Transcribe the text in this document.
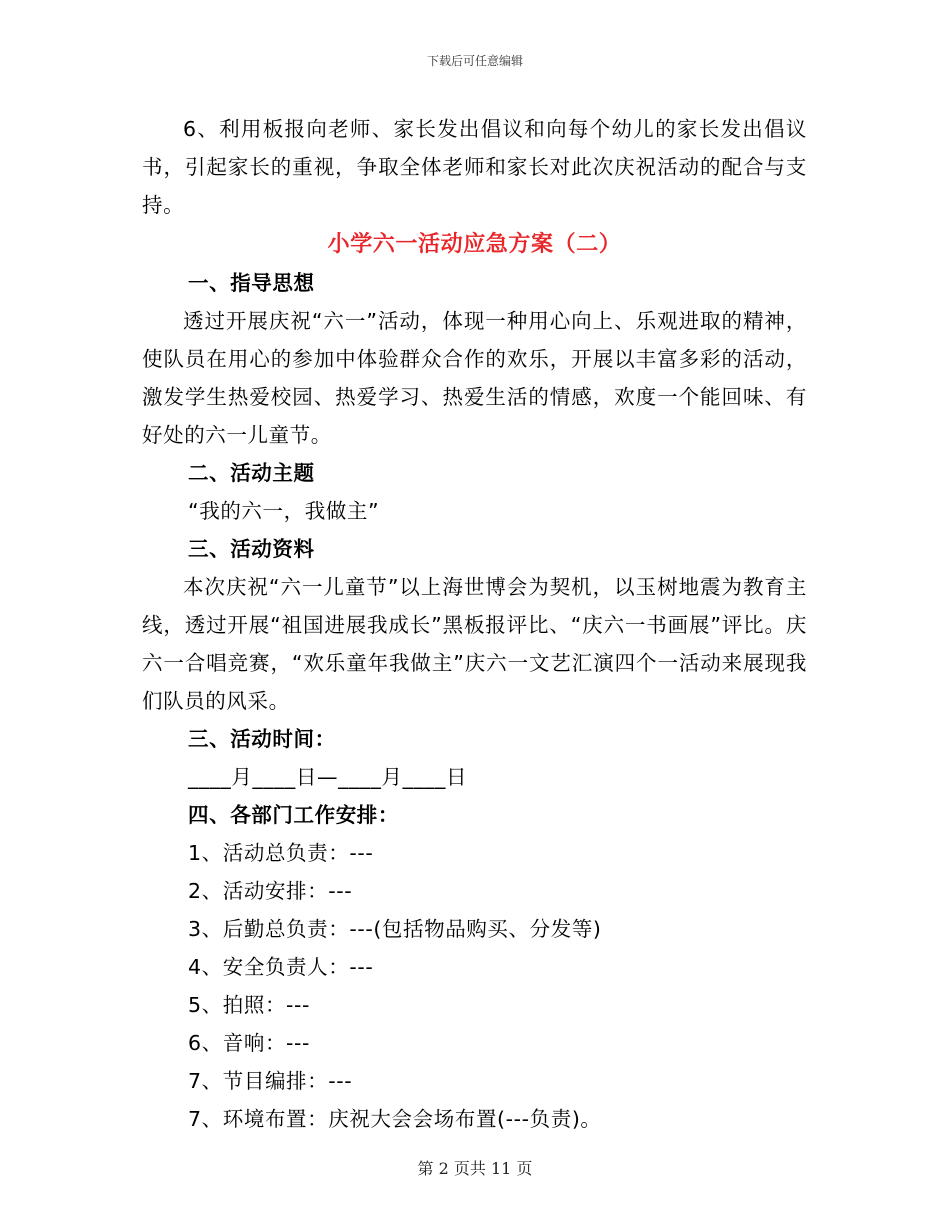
下载后可任意编辑

6、利用板报向老师、家长发出倡议和向每个幼儿的家长发出倡议书，引起家长的重视，争取全体老师和家长对此次庆祝活动的配合与支持。

小学六一活动应急方案（二）

一、指导思想

透过开展庆祝“六一”活动，体现一种用心向上、乐观进取的精神，使队员在用心的参加中体验群众合作的欢乐，开展以丰富多彩的活动，激发学生热爱校园、热爱学习、热爱生活的情感，欢度一个能回味、有好处的六一儿童节。

二、活动主题

“我的六一，我做主”

三、活动资料

本次庆祝“六一儿童节”以上海世博会为契机，以玉树地震为教育主线，透过开展“祖国进展我成长”黑板报评比、“庆六一书画展”评比。庆六一合唱竞赛，“欢乐童年我做主”庆六一文艺汇演四个一活动来展现我们队员的风采。

三、活动时间：

____月____日—____月____日

四、各部门工作安排：

1、活动总负责：---

2、活动安排：---

3、后勤总负责：---(包括物品购买、分发等)

4、安全负责人：---

5、拍照：---

6、音响：---

7、节目编排：---

7、环境布置：庆祝大会会场布置(---负责)。

第 2 页共 11 页
